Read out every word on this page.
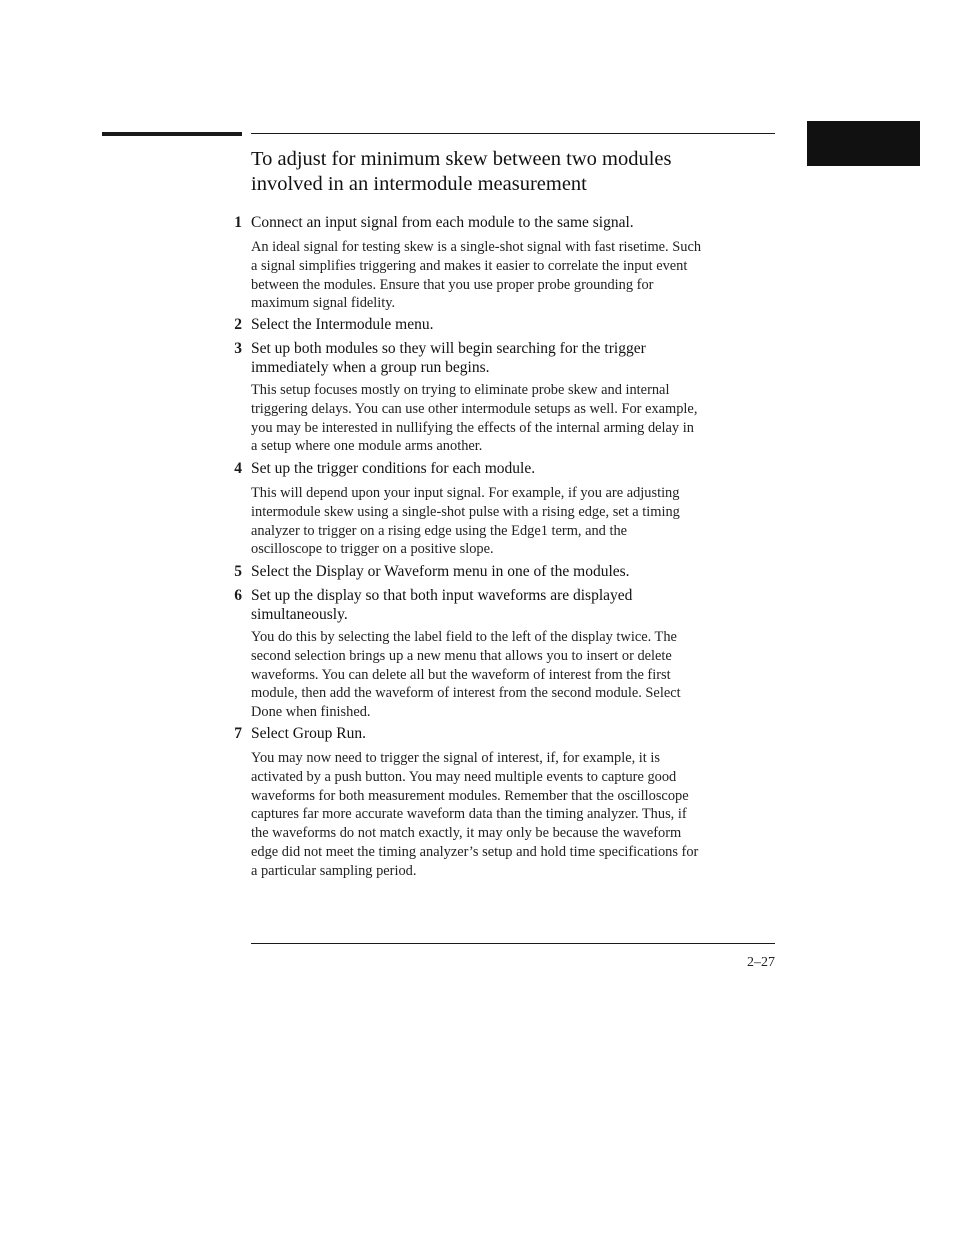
To adjust for minimum skew between two modules
involved in an intermodule measurement
1 Connect an input signal from each module to the same signal.
An ideal signal for testing skew is a single-shot signal with fast risetime. Such
a signal simplifies triggering and makes it easier to correlate the input event
between the modules. Ensure that you use proper probe grounding for
maximum signal fidelity.
2 Select the Intermodule menu.
3 Set up both modules so they will begin searching for the trigger
immediately when a group run begins.
This setup focuses mostly on trying to eliminate probe skew and internal
triggering delays. You can use other intermodule setups as well. For example,
you may be interested in nullifying the effects of the internal arming delay in
a setup where one module arms another.
4 Set up the trigger conditions for each module.
This will depend upon your input signal. For example, if you are adjusting
intermodule skew using a single-shot pulse with a rising edge, set a timing
analyzer to trigger on a rising edge using the Edge1 term, and the
oscilloscope to trigger on a positive slope.
5 Select the Display or Waveform menu in one of the modules.
6 Set up the display so that both input waveforms are displayed
simultaneously.
You do this by selecting the label field to the left of the display twice. The
second selection brings up a new menu that allows you to insert or delete
waveforms. You can delete all but the waveform of interest from the first
module, then add the waveform of interest from the second module. Select
Done when finished.
7 Select Group Run.
You may now need to trigger the signal of interest, if, for example, it is
activated by a push button. You may need multiple events to capture good
waveforms for both measurement modules. Remember that the oscilloscope
captures far more accurate waveform data than the timing analyzer. Thus, if
the waveforms do not match exactly, it may only be because the waveform
edge did not meet the timing analyzer’s setup and hold time specifications for
a particular sampling period.
2–27
